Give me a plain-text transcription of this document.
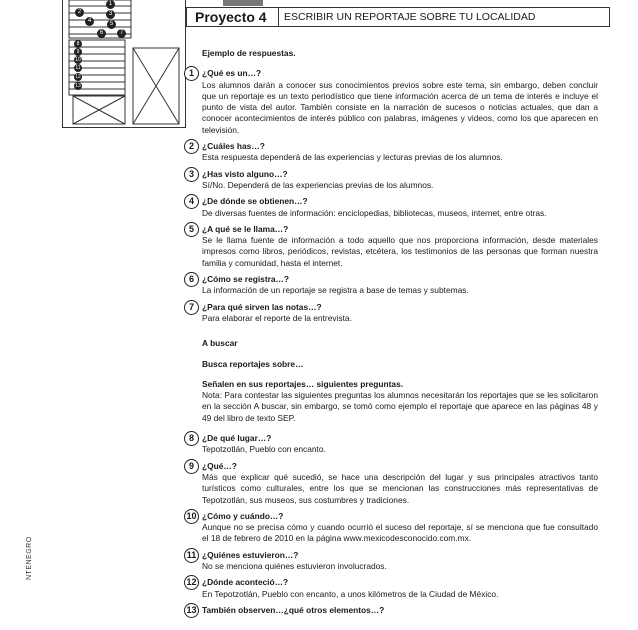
1
2	3
4	5
6	7
8
9
10
11
12
13
Proyecto 4	ESCRIBIR UN REPORTAJE SOBRE TU LOCALIDAD
NTENEGRO

Ejemplo de respuestas.

1 ¿Qué es un…?

Los alumnos darán a conocer sus conocimientos previos sobre este tema, sin embargo, deben concluir que un reportaje es un texto periodístico que tiene información acerca de un tema de interés e incluye el punto de vista del autor. También consiste en la narración de sucesos o noticias actuales, que dan a conocer acontecimientos de interés público con palabras, imágenes y videos, como los que aparecen en televisión.

2 ¿Cuáles has…?

Esta respuesta dependerá de las experiencias y lecturas previas de los alumnos.

3 ¿Has visto alguno…?

Sí/No. Dependerá de las experiencias previas de los alumnos.

4 ¿De dónde se obtienen…?

De diversas fuentes de información: enciclopedias, bibliotecas, museos, internet, entre otras.

5 ¿A qué se le llama…?

Se le llama fuente de información a todo aquello que nos proporciona información, desde materiales impresos como libros, periódicos, revistas, etcétera, los testimonios de las personas que forman nuestra familia y comunidad, hasta el internet.

6 ¿Cómo se registra…?

La información de un reportaje se registra a base de temas y subtemas.

7 ¿Para qué sirven las notas…?

Para elaborar el reporte de la entrevista.

A buscar

Busca reportajes sobre…

Señalen en sus reportajes… siguientes preguntas.

Nota: Para contestar las siguientes preguntas los alumnos necesitarán los reportajes que se les solicitaron en la sección A buscar, sin embargo, se tomó como ejemplo el reportaje que aparece en las páginas 48 y 49 del libro de texto SEP.

8 ¿De qué lugar…?

Tepotzotlán, Pueblo con encanto.

9 ¿Qué…?

Más que explicar qué sucedió, se hace una descripción del lugar y sus principales atractivos tanto turísticos como culturales, entre los que se mencionan las construcciones más representativas de Tepotzotlán, sus museos, sus costumbres y tradiciones.

10 ¿Cómo y cuándo…?

Aunque no se precisa cómo y cuando ocurrió el suceso del reportaje, sí se menciona que fue consultado el 18 de febrero de 2010 en la página www.mexicodesconocido.com.mx.

11 ¿Quiénes estuvieron…?

No se menciona quiénes estuvieron involucrados.

12 ¿Dónde aconteció…?

En Tepotzotlán, Pueblo con encanto, a unos kilómetros de la Ciudad de México.

13 También observen…¿qué otros elementos…?
